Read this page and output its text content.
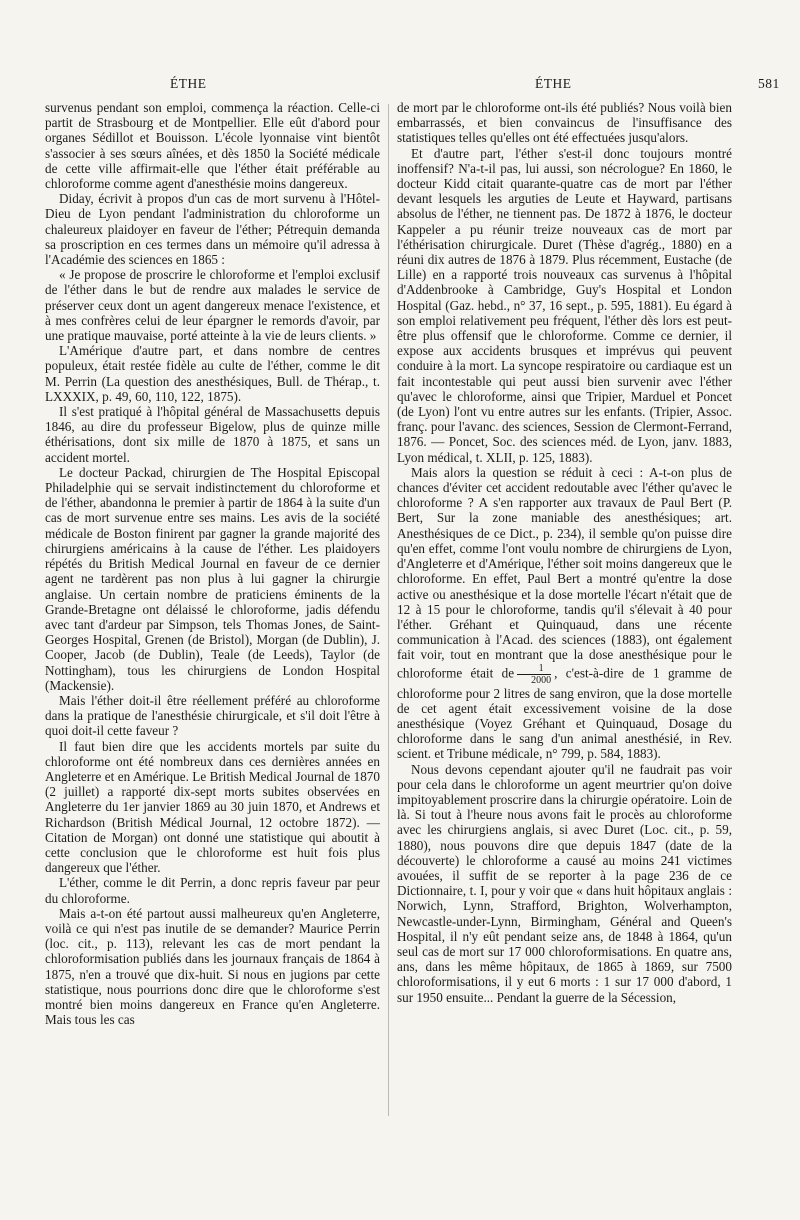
ÉTHE	ÉTHE	581

survenus pendant son emploi, commença la réaction. Celle-ci partit de Strasbourg et de Montpellier. Elle eût d'abord pour organes Sédillot et Bouisson. L'école lyonnaise vint bientôt s'associer à ses sœurs aînées, et dès 1850 la Société médicale de cette ville affirmait-elle que l'éther était préférable au chloroforme comme agent d'anesthésie moins dangereux.

Diday, écrivit à propos d'un cas de mort survenu à l'Hôtel-Dieu de Lyon pendant l'administration du chloroforme un chaleureux plaidoyer en faveur de l'éther; Pétrequin demanda sa proscription en ces termes dans un mémoire qu'il adressa à l'Académie des sciences en 1865 :

« Je propose de proscrire le chloroforme et l'emploi exclusif de l'éther dans le but de rendre aux malades le service de préserver ceux dont un agent dangereux menace l'existence, et à mes confrères celui de leur épargner le remords d'avoir, par une pratique mauvaise, porté atteinte à la vie de leurs clients. »

L'Amérique d'autre part, et dans nombre de centres populeux, était restée fidèle au culte de l'éther, comme le dit M. Perrin (La question des anesthésiques, Bull. de Thérap., t. LXXXIX, p. 49, 60, 110, 122, 1875).

Il s'est pratiqué à l'hôpital général de Massachusetts depuis 1846, au dire du professeur Bigelow, plus de quinze mille éthérisations, dont six mille de 1870 à 1875, et sans un accident mortel.

Le docteur Packad, chirurgien de The Hospital Episcopal Philadelphie qui se servait indistinctement du chloroforme et de l'éther, abandonna le premier à partir de 1864 à la suite d'un cas de mort survenue entre ses mains. Les avis de la société médicale de Boston finirent par gagner la grande majorité des chirurgiens américains à la cause de l'éther. Les plaidoyers répétés du British Medical Journal en faveur de ce dernier agent ne tardèrent pas non plus à lui gagner la chirurgie anglaise. Un certain nombre de praticiens éminents de la Grande-Bretagne ont délaissé le chloroforme, jadis défendu avec tant d'ardeur par Simpson, tels Thomas Jones, de Saint-Georges Hospital, Grenen (de Bristol), Morgan (de Dublin), J. Cooper, Jacob (de Dublin), Teale (de Leeds), Taylor (de Nottingham), tous les chirurgiens de London Hospital (Mackensie).

Mais l'éther doit-il être réellement préféré au chloroforme dans la pratique de l'anesthésie chirurgicale, et s'il doit l'être à quoi doit-il cette faveur ?

Il faut bien dire que les accidents mortels par suite du chloroforme ont été nombreux dans ces dernières années en Angleterre et en Amérique. Le British Medical Journal de 1870 (2 juillet) a rapporté dix-sept morts subites observées en Angleterre du 1er janvier 1869 au 30 juin 1870, et Andrews et Richardson (British Médical Journal, 12 octobre 1872). — Citation de Morgan) ont donné une statistique qui aboutit à cette conclusion que le chloroforme est huit fois plus dangereux que l'éther.

L'éther, comme le dit Perrin, a donc repris faveur par peur du chloroforme.

Mais a-t-on été partout aussi malheureux qu'en Angleterre, voilà ce qui n'est pas inutile de se demander? Maurice Perrin (loc. cit., p. 113), relevant les cas de mort pendant la chloroformisation publiés dans les journaux français de 1864 à 1875, n'en a trouvé que dix-huit. Si nous en jugions par cette statistique, nous pourrions donc dire que le chloroforme s'est montré bien moins dangereux en France qu'en Angleterre. Mais tous les cas

de mort par le chloroforme ont-ils été publiés? Nous voilà bien embarrassés, et bien convaincus de l'insuffisance des statistiques telles qu'elles ont été effectuées jusqu'alors.

Et d'autre part, l'éther s'est-il donc toujours montré inoffensif? N'a-t-il pas, lui aussi, son nécrologue? En 1860, le docteur Kidd citait quarante-quatre cas de mort par l'éther devant lesquels les arguties de Leute et Hayward, partisans absolus de l'éther, ne tiennent pas. De 1872 à 1876, le docteur Kappeler a pu réunir treize nouveaux cas de mort par l'éthérisation chirurgicale. Duret (Thèse d'agrég., 1880) en a réuni dix autres de 1876 à 1879. Plus récemment, Eustache (de Lille) en a rapporté trois nouveaux cas survenus à l'hôpital d'Addenbrooke à Cambridge, Guy's Hospital et London Hospital (Gaz. hebd., n° 37, 16 sept., p. 595, 1881). Eu égard à son emploi relativement peu fréquent, l'éther dès lors est peut-être plus offensif que le chloroforme. Comme ce dernier, il expose aux accidents brusques et imprévus qui peuvent conduire à la mort. La syncope respiratoire ou cardiaque est un fait incontestable qui peut aussi bien survenir avec l'éther qu'avec le chloroforme, ainsi que Tripier, Marduel et Poncet (de Lyon) l'ont vu entre autres sur les enfants. (Tripier, Assoc. franç. pour l'avanc. des sciences, Session de Clermont-Ferrand, 1876. — Poncet, Soc. des sciences méd. de Lyon, janv. 1883, Lyon médical, t. XLII, p. 125, 1883).

Mais alors la question se réduit à ceci : A-t-on plus de chances d'éviter cet accident redoutable avec l'éther qu'avec le chloroforme ? A s'en rapporter aux travaux de Paul Bert (P. Bert, Sur la zone maniable des anesthésiques; art. Anesthésiques de ce Dict., p. 234), il semble qu'on puisse dire qu'en effet, comme l'ont voulu nombre de chirurgiens de Lyon, d'Angleterre et d'Amérique, l'éther soit moins dangereux que le chloroforme. En effet, Paul Bert a montré qu'entre la dose active ou anesthésique et la dose mortelle l'écart n'était que de 12 à 15 pour le chloroforme, tandis qu'il s'élevait à 40 pour l'éther. Gréhant et Quinquaud, dans une récente communication à l'Acad. des sciences (1883), ont également fait voir, tout en montrant que la dose anesthésique pour le chloroforme était de $\frac{1}{2000}$ , c'est-à-dire de 1 gramme de chloroforme pour 2 litres de sang environ, que la dose mortelle de cet agent était excessivement voisine de la dose anesthésique (Voyez Gréhant et Quinquaud, Dosage du chloroforme dans le sang d'un animal anesthésié, in Rev. scient. et Tribune médicale, n° 799, p. 584, 1883).

Nous devons cependant ajouter qu'il ne faudrait pas voir pour cela dans le chloroforme un agent meurtrier qu'on doive impitoyablement proscrire dans la chirurgie opératoire. Loin de là. Si tout à l'heure nous avons fait le procès au chloroforme avec les chirurgiens anglais, si avec Duret (Loc. cit., p. 59, 1880), nous pouvons dire que depuis 1847 (date de la découverte) le chloroforme a causé au moins 241 victimes avouées, il suffit de se reporter à la page 236 de ce Dictionnaire, t. I, pour y voir que « dans huit hôpitaux anglais : Norwich, Lynn, Strafford, Brighton, Wolverhampton, Newcastle-under-Lynn, Birmingham, Général and Queen's Hospital, il n'y eût pendant seize ans, de 1848 à 1864, qu'un seul cas de mort sur 17 000 chloroformisations. En quatre ans, ans, dans les même hôpitaux, de 1865 à 1869, sur 7500 chloroformisations, il y eut 6 morts : 1 sur 17 000 d'abord, 1 sur 1950 ensuite... Pendant la guerre de la Sécession,
